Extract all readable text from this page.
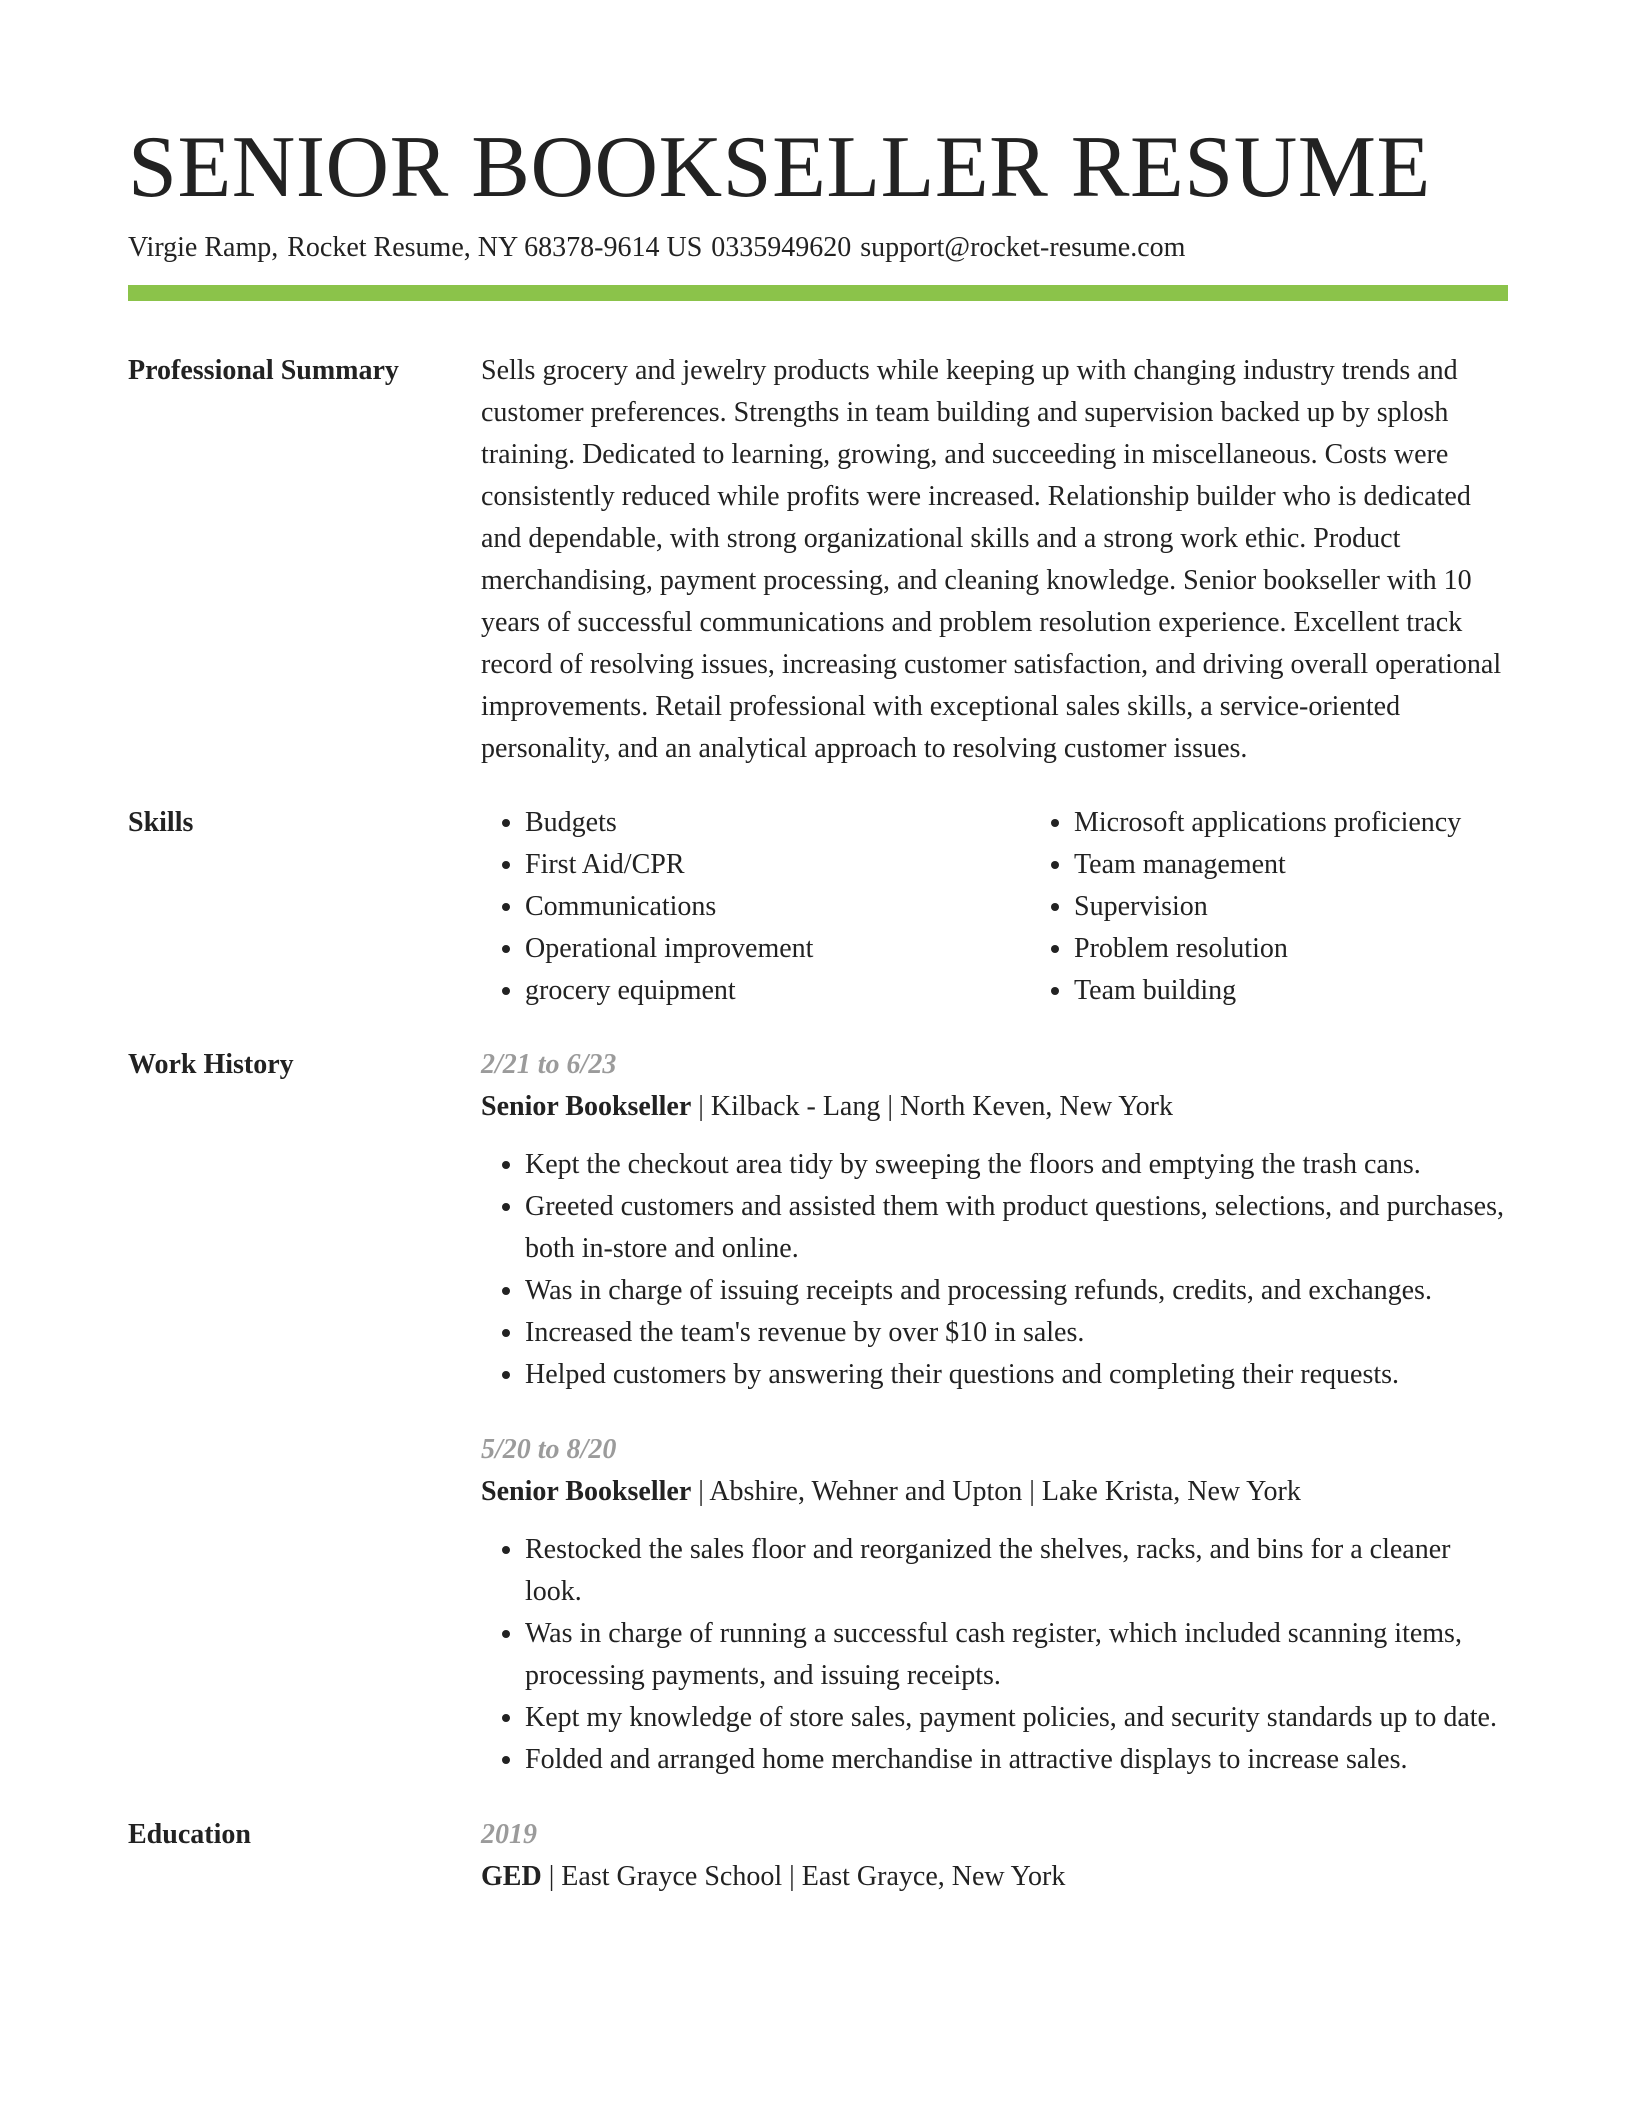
SENIOR BOOKSELLER RESUME
Virgie Ramp, Rocket Resume, NY 68378-9614 US 0335949620 support@rocket-resume.com
Professional Summary	Sells grocery and jewelry products while keeping up with changing industry trends and customer preferences. Strengths in team building and supervision backed up by splosh training. Dedicated to learning, growing, and succeeding in miscellaneous. Costs were consistently reduced while profits were increased. Relationship builder who is dedicated and dependable, with strong organizational skills and a strong work ethic. Product merchandising, payment processing, and cleaning knowledge. Senior bookseller with 10 years of successful communications and problem resolution experience. Excellent track record of resolving issues, increasing customer satisfaction, and driving overall operational improvements. Retail professional with exceptional sales skills, a service-oriented personality, and an analytical approach to resolving customer issues.

Skills
•	Budgets
• First Aid/CPR
• Communications
• Operational improvement
• grocery equipment
• Microsoft applications proficiency
• Team management
• Supervision
• Problem resolution
• Team building
Work History	2/21 to 6/23
Senior Bookseller | Kilback - Lang | North Keven, New York
• Kept the checkout area tidy by sweeping the floors and emptying the trash cans.
• Greeted customers and assisted them with product questions, selections, and purchases, both in-store and online.
• Was in charge of issuing receipts and processing refunds, credits, and exchanges.
• Increased the team's revenue by over $10 in sales.
• Helped customers by answering their questions and completing their requests.
5/20 to 8/20
Senior Bookseller | Abshire, Wehner and Upton | Lake Krista, New York
• Restocked the sales floor and reorganized the shelves, racks, and bins for a cleaner look.
• Was in charge of running a successful cash register, which included scanning items, processing payments, and issuing receipts.
• Kept my knowledge of store sales, payment policies, and security standards up to date.
• Folded and arranged home merchandise in attractive displays to increase sales.
Education	2019
GED | East Grayce School | East Grayce, New York
